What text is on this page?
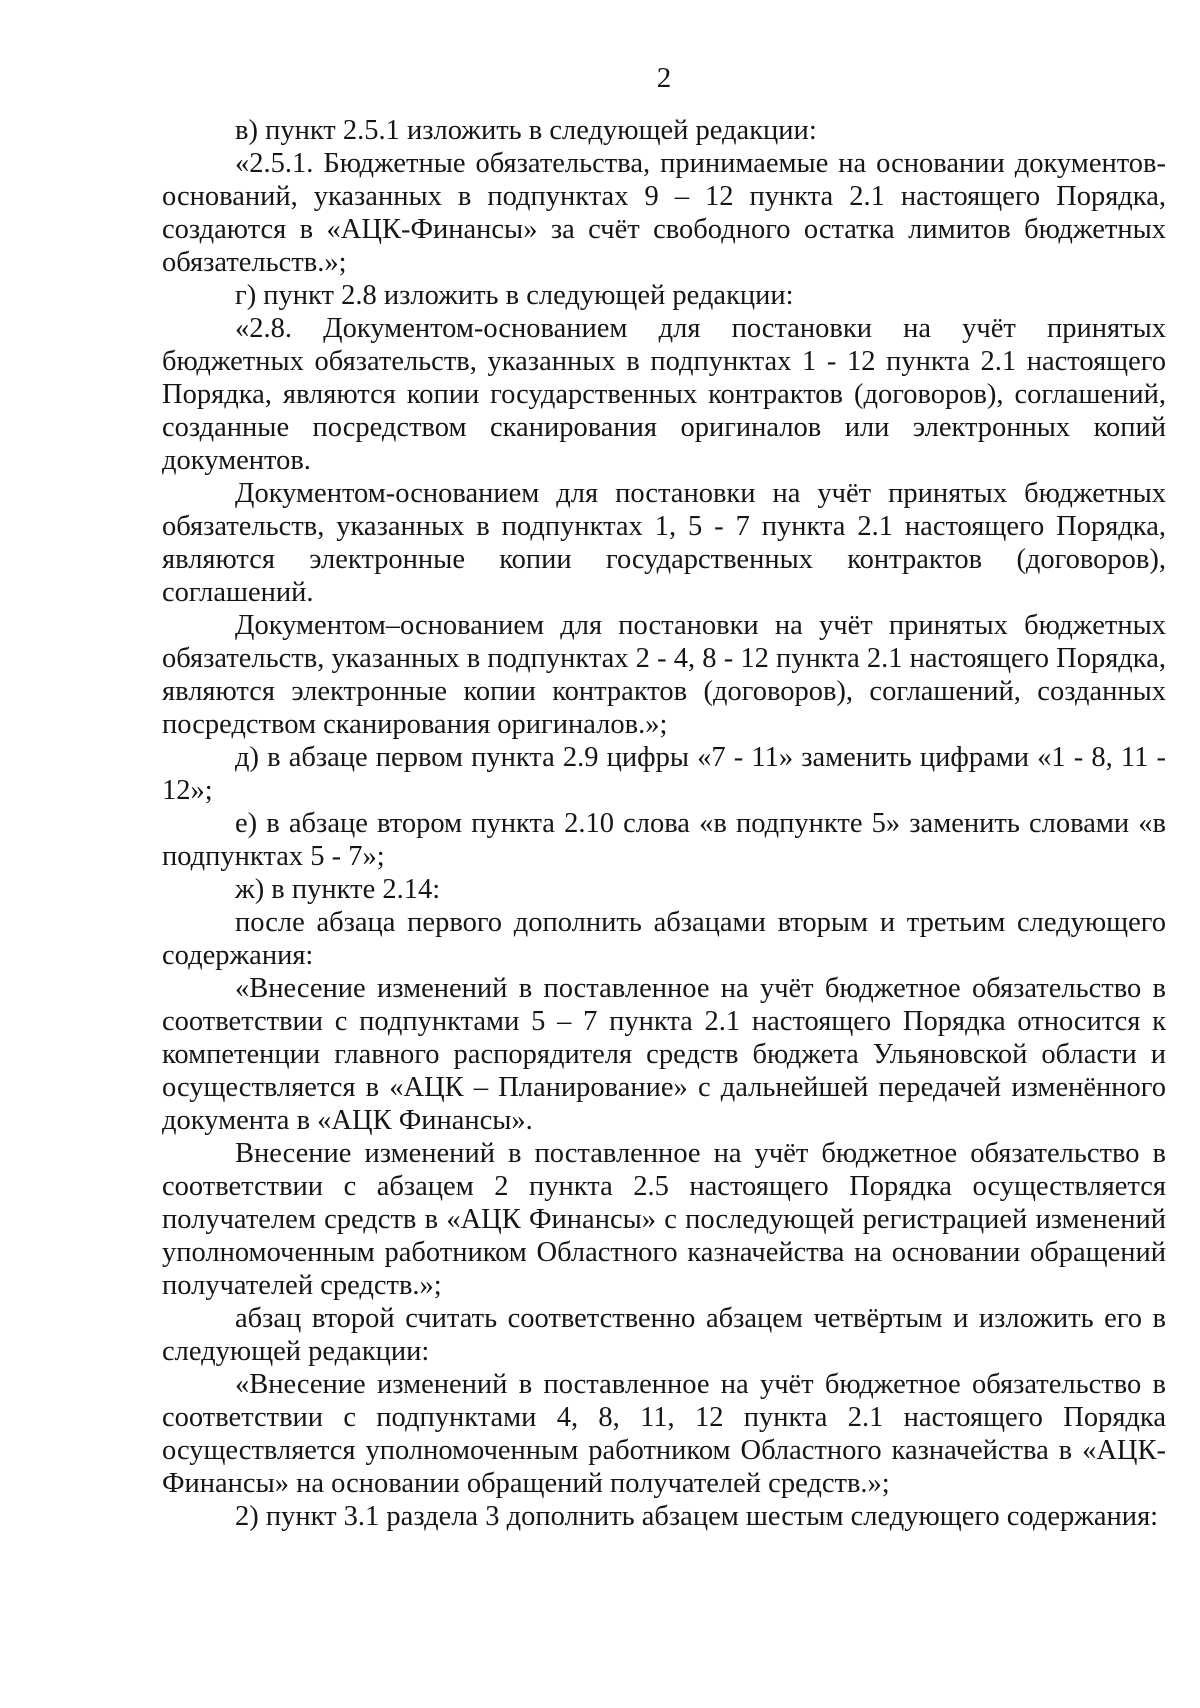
2

в) пункт 2.5.1 изложить в следующей редакции:

«2.5.1. Бюджетные обязательства, принимаемые на основании документов-оснований, указанных в подпунктах 9 – 12 пункта 2.1 настоящего Порядка, создаются в «АЦК-Финансы» за счёт свободного остатка лимитов бюджетных обязательств.»;

г) пункт 2.8 изложить в следующей редакции:

«2.8. Документом-основанием для постановки на учёт принятых бюджетных обязательств, указанных в подпунктах 1 - 12 пункта 2.1 настоящего Порядка, являются копии государственных контрактов (договоров), соглашений, созданные посредством сканирования оригиналов или электронных копий документов.

Документом-основанием для постановки на учёт принятых бюджетных обязательств, указанных в подпунктах 1, 5 - 7 пункта 2.1 настоящего Порядка, являются электронные копии государственных контрактов (договоров), соглашений.

Документом–основанием для постановки на учёт принятых бюджетных обязательств, указанных в подпунктах 2 - 4, 8 - 12 пункта 2.1 настоящего Порядка, являются электронные копии контрактов (договоров), соглашений, созданных посредством сканирования оригиналов.»;

д) в абзаце первом пункта 2.9 цифры «7 - 11» заменить цифрами «1 - 8, 11 - 12»;

е) в абзаце втором пункта 2.10 слова «в подпункте 5» заменить словами «в подпунктах 5 - 7»;

ж) в пункте 2.14:

после абзаца первого дополнить абзацами вторым и третьим следующего содержания:

«Внесение изменений в поставленное на учёт бюджетное обязательство в соответствии с подпунктами 5 – 7 пункта 2.1 настоящего Порядка относится к компетенции главного распорядителя средств бюджета Ульяновской области и осуществляется в «АЦК – Планирование» с дальнейшей передачей изменённого документа в «АЦК Финансы».

Внесение изменений в поставленное на учёт бюджетное обязательство в соответствии с абзацем 2 пункта 2.5 настоящего Порядка осуществляется получателем средств в «АЦК Финансы» с последующей регистрацией изменений уполномоченным работником Областного казначейства на основании обращений получателей средств.»;

абзац второй считать соответственно абзацем четвёртым и изложить его в следующей редакции:

«Внесение изменений в поставленное на учёт бюджетное обязательство в соответствии с подпунктами 4, 8, 11, 12 пункта 2.1 настоящего Порядка осуществляется уполномоченным работником Областного казначейства в «АЦК-Финансы» на основании обращений получателей средств.»;

2) пункт 3.1 раздела 3 дополнить абзацем шестым следующего содержания:
